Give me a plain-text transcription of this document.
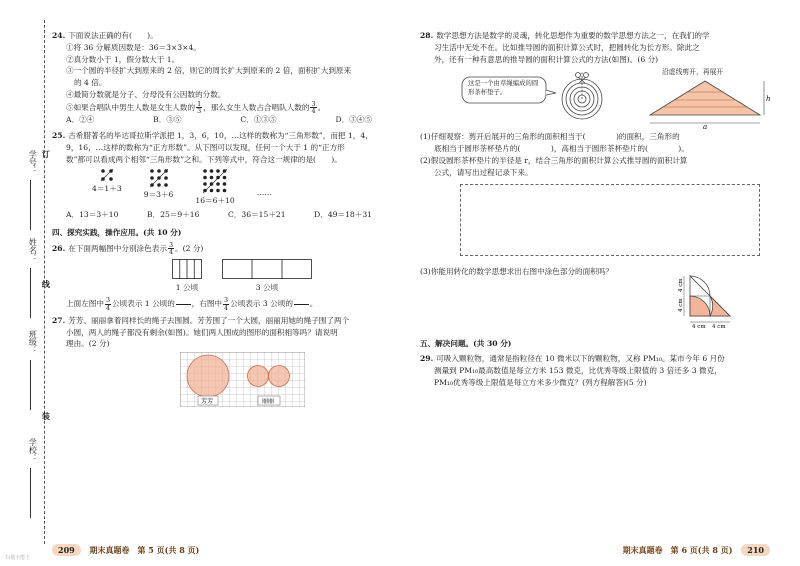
学号： 订
姓名：
线
班级：
装
学校：
24. 下面说法正确的有(　　)。
①将 36 分解质因数是：36＝3×3×4。
②真分数小于 1，假分数大于 1。
③一个圆的半径扩大到原来的 2 倍，则它的周长扩大到原来的 2 倍，面积扩大到原来
的 4 倍。
④最简分数就是分子、分母没有公因数的分数。
⑤如果合唱队中男生人数是女生人数的 $\frac{1}{3}$ ，那么女生人数占合唱队人数的 $\frac{3}{4}$ 。
A．②④	B．③⑤	C．①③⑤	D．③④⑤
25. 古希腊著名的毕达哥拉斯学派把 1，3，6，10，…这样的数称为“三角形数”，而把 1，4，
9，16，…这样的数称为“正方形数”。从下图可以发现，任何一个大于 1 的“正方形
数”都可以看成两个相邻“三角形数”之和。下列等式中，符合这一规律的是(　　)。
4＝1＋3
9＝3＋6
16＝6＋10
……
A．13＝3＋10	B．25＝9＋16	C．36＝15＋21	D．49＝18＋31
四、探究实践，操作应用。(共 10 分)
26. 在下面两幅图中分别涂色表示 $\frac{3}{4}$ 。(2 分)
1 公顷	3 公顷
上面左图中 $\frac{3}{4}$ 公顷表示 1 公顷的

　　 ，右图中 $\frac{3}{4}$ 公顷表示 3 公顷的

　　 。
27. 芳芳、丽丽拿着同样长的绳子去围圆。芳芳围了一个大圆，丽丽用她的绳子围了两个
小圆，两人的绳子都没有剩余(如图)。她们两人围成的图形的面积相等吗？请说明
理由。(2 分)
芳芳	丽丽
28. 数学思想方法是数学的灵魂，转化思想作为重要的数学思想方法之一，在我们的学
习生活中无处不在。比如推导圆的面积计算公式时，把圆转化为长方形。除此之
外，还有一种有意思的推导圆的面积计算公式的方法(如图)。(6 分)
h
a
这是一个由草绳编成的圆形茶杯垫子。
沿虚线剪开，再展开
(1)仔细观察：剪开后展开的三角形的面积相当于(　　　　)的面积，三角形的
底相当于圆形茶杯垫片的(　　　　)，高相当于圆形茶杯垫片的(　　　　)。
(2)假设圆形茶杯垫片的半径是 r，结合三角形的面积计算公式推导圆的面积计算
公式，请写出过程记录下来。
(3)你能用转化的数学思想求出右图中涂色部分的面积吗？
4 cm
4 cm
4 cm 4 cm
五、解决问题。(共 30 分)
29. 可吸入颗粒物，通常是指粒径在 10 微米以下的颗粒物，又称 PM₁₀。某市今年 6 月份
测量到 PM₁₀最高数值是每立方米 153 微克，比优秀等级上限值的 3 倍还多 3 微克，
PM₁₀优秀等级上限值是每立方米多少微克？(列方程解答)(5 分)
209 期末真题卷　第 5 页(共 8 页)	期末真题卷　第 6 页(共 8 页) 210
· 扫描全能王
